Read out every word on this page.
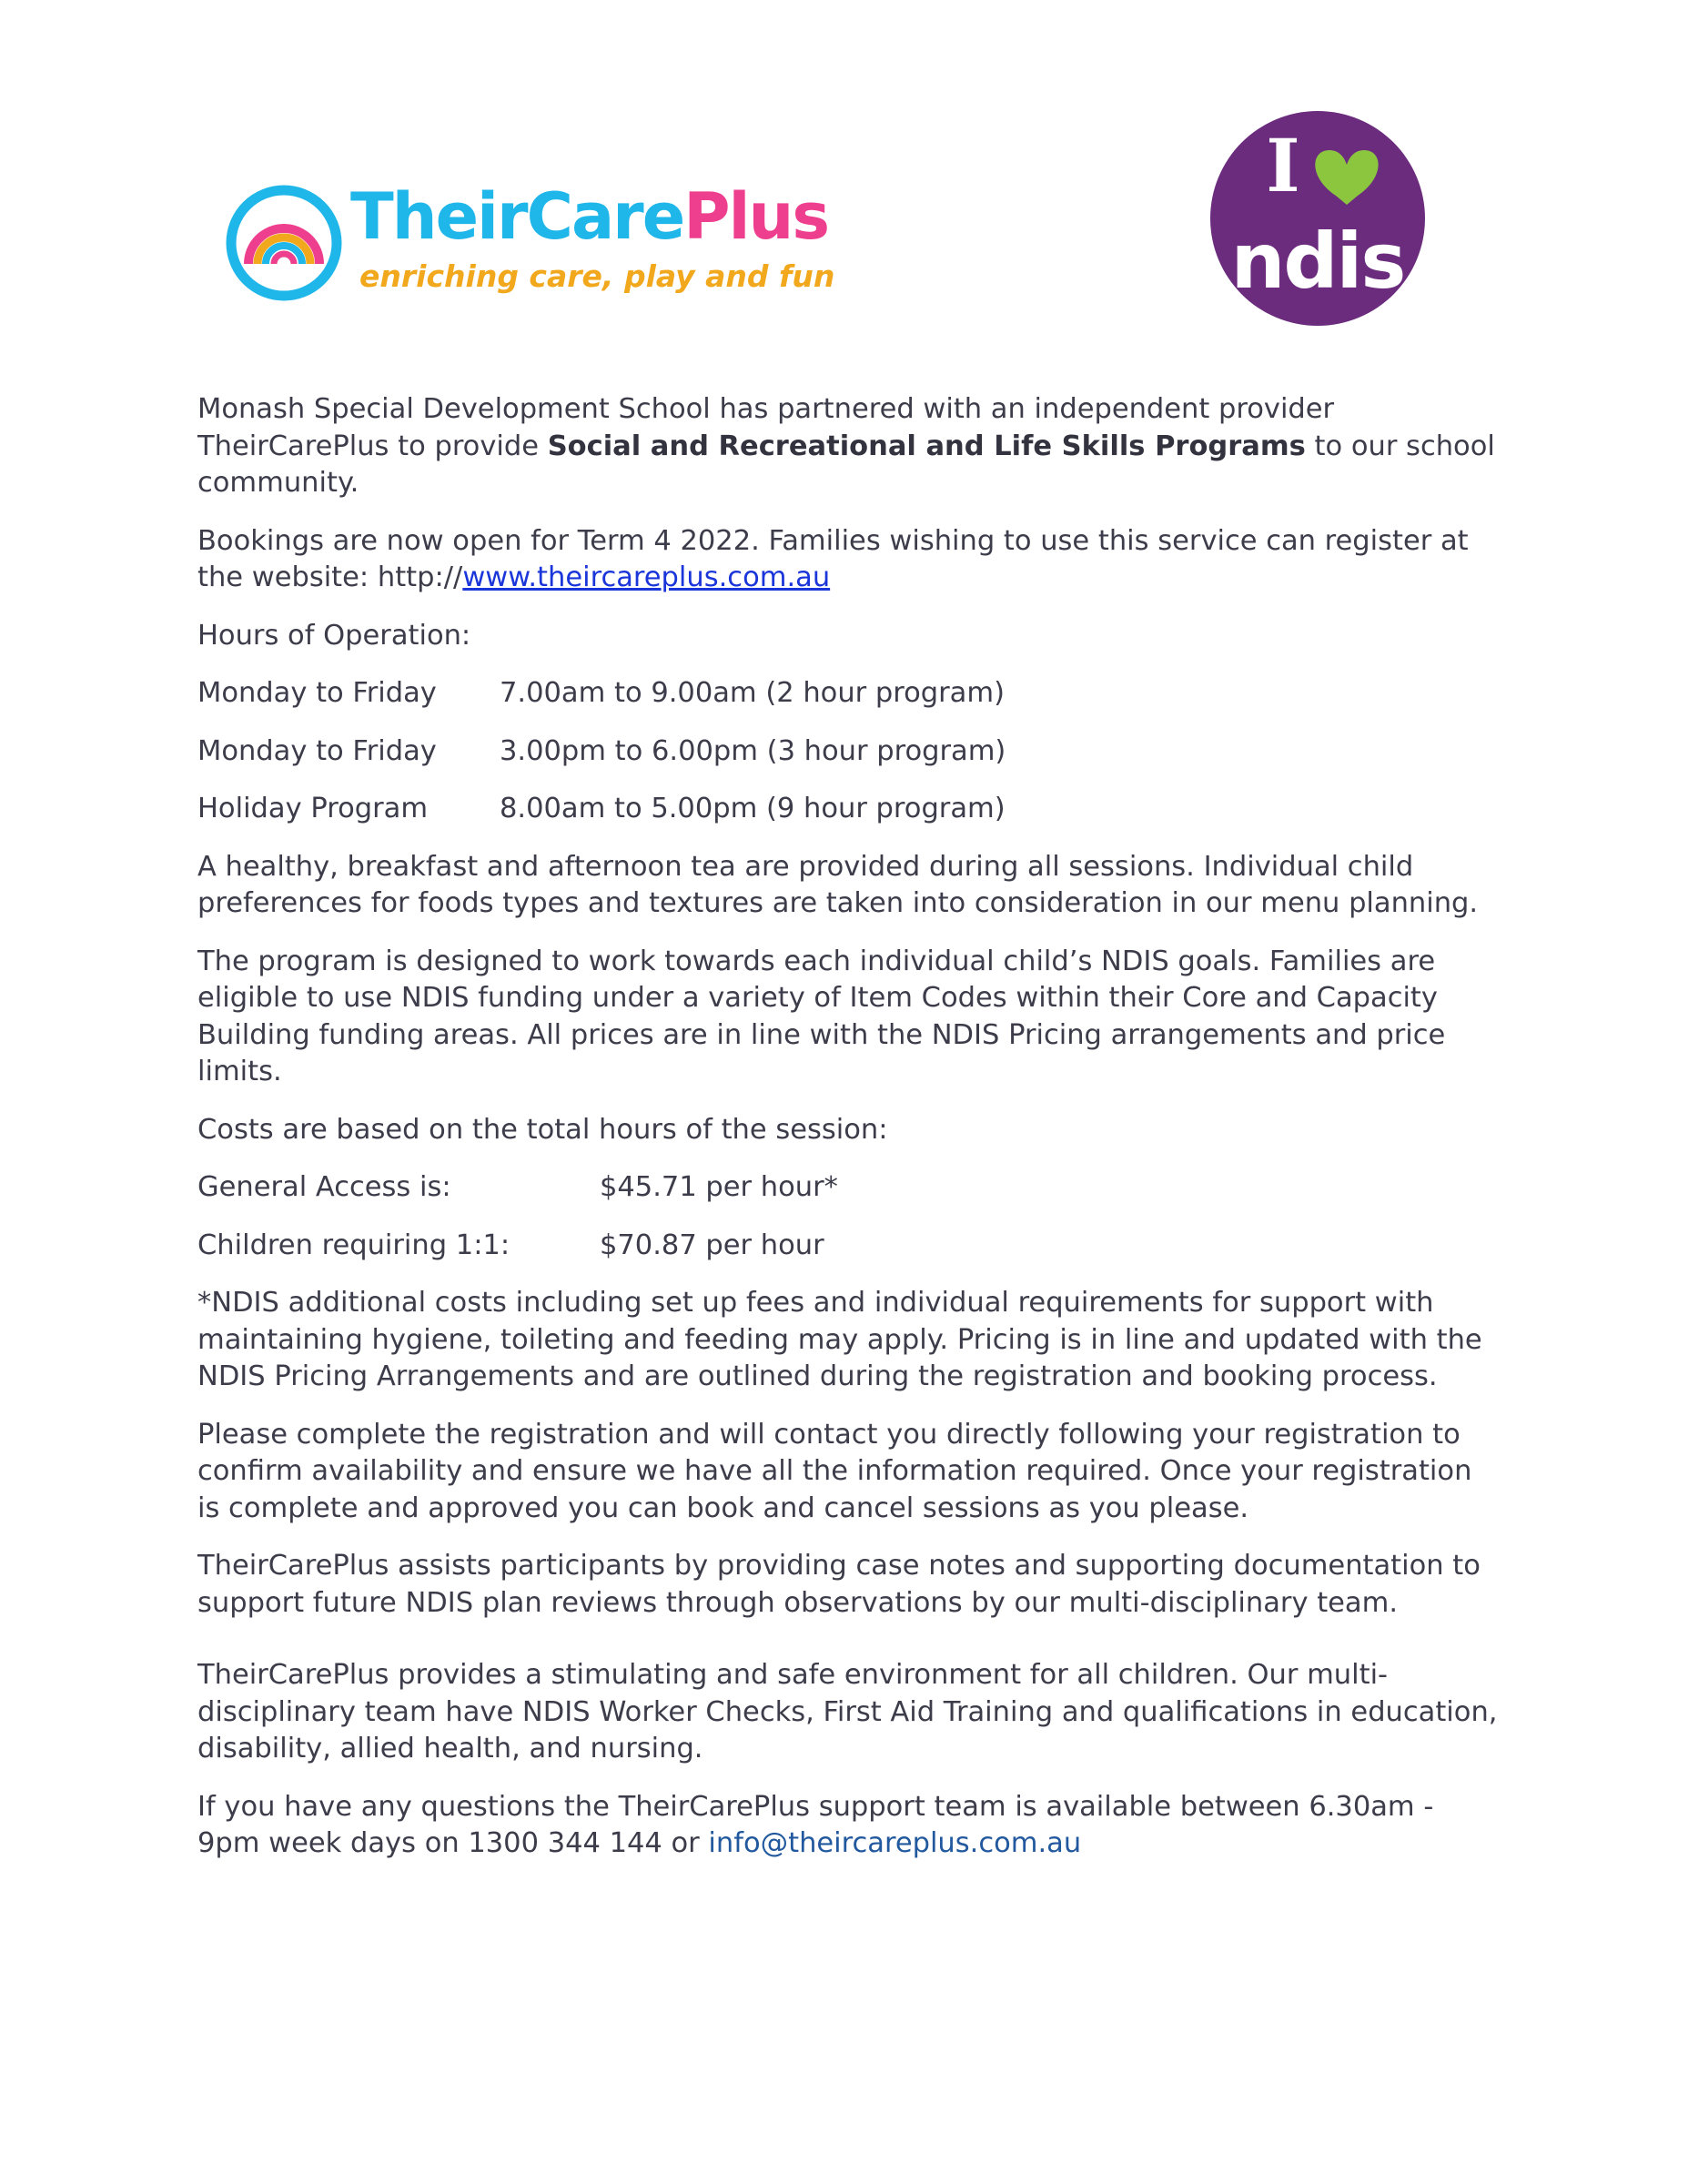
TheirCarePlus
enriching care, play and fun
I
ndis

Monash Special Development School has partnered with an independent provider TheirCarePlus to provide Social and Recreational and Life Skills Programs to our school community.

Bookings are now open for Term 4 2022. Families wishing to use this service can register at the website: http://www.theircareplus.com.au

Hours of Operation:

Monday to Friday	7.00am to 9.00am (2 hour program)
Monday to Friday	3.00pm to 6.00pm (3 hour program)
Holiday Program	8.00am to 5.00pm (9 hour program)

A healthy, breakfast and afternoon tea are provided during all sessions. Individual child preferences for foods types and textures are taken into consideration in our menu planning.

The program is designed to work towards each individual child’s NDIS goals. Families are eligible to use NDIS funding under a variety of Item Codes within their Core and Capacity Building funding areas. All prices are in line with the NDIS Pricing arrangements and price limits.

Costs are based on the total hours of the session:

General Access is:	$45.71 per hour*
Children requiring 1:1:	$70.87 per hour

*NDIS additional costs including set up fees and individual requirements for support with maintaining hygiene, toileting and feeding may apply. Pricing is in line and updated with the NDIS Pricing Arrangements and are outlined during the registration and booking process.

Please complete the registration and will contact you directly following your registration to confirm availability and ensure we have all the information required. Once your registration is complete and approved you can book and cancel sessions as you please.

TheirCarePlus assists participants by providing case notes and supporting documentation to support future NDIS plan reviews through observations by our multi-disciplinary team.

TheirCarePlus provides a stimulating and safe environment for all children. Our multi-disciplinary team have NDIS Worker Checks, First Aid Training and qualifications in education, disability, allied health, and nursing.

If you have any questions the TheirCarePlus support team is available between 6.30am - 9pm week days on 1300 344 144 or info@theircareplus.com.au
